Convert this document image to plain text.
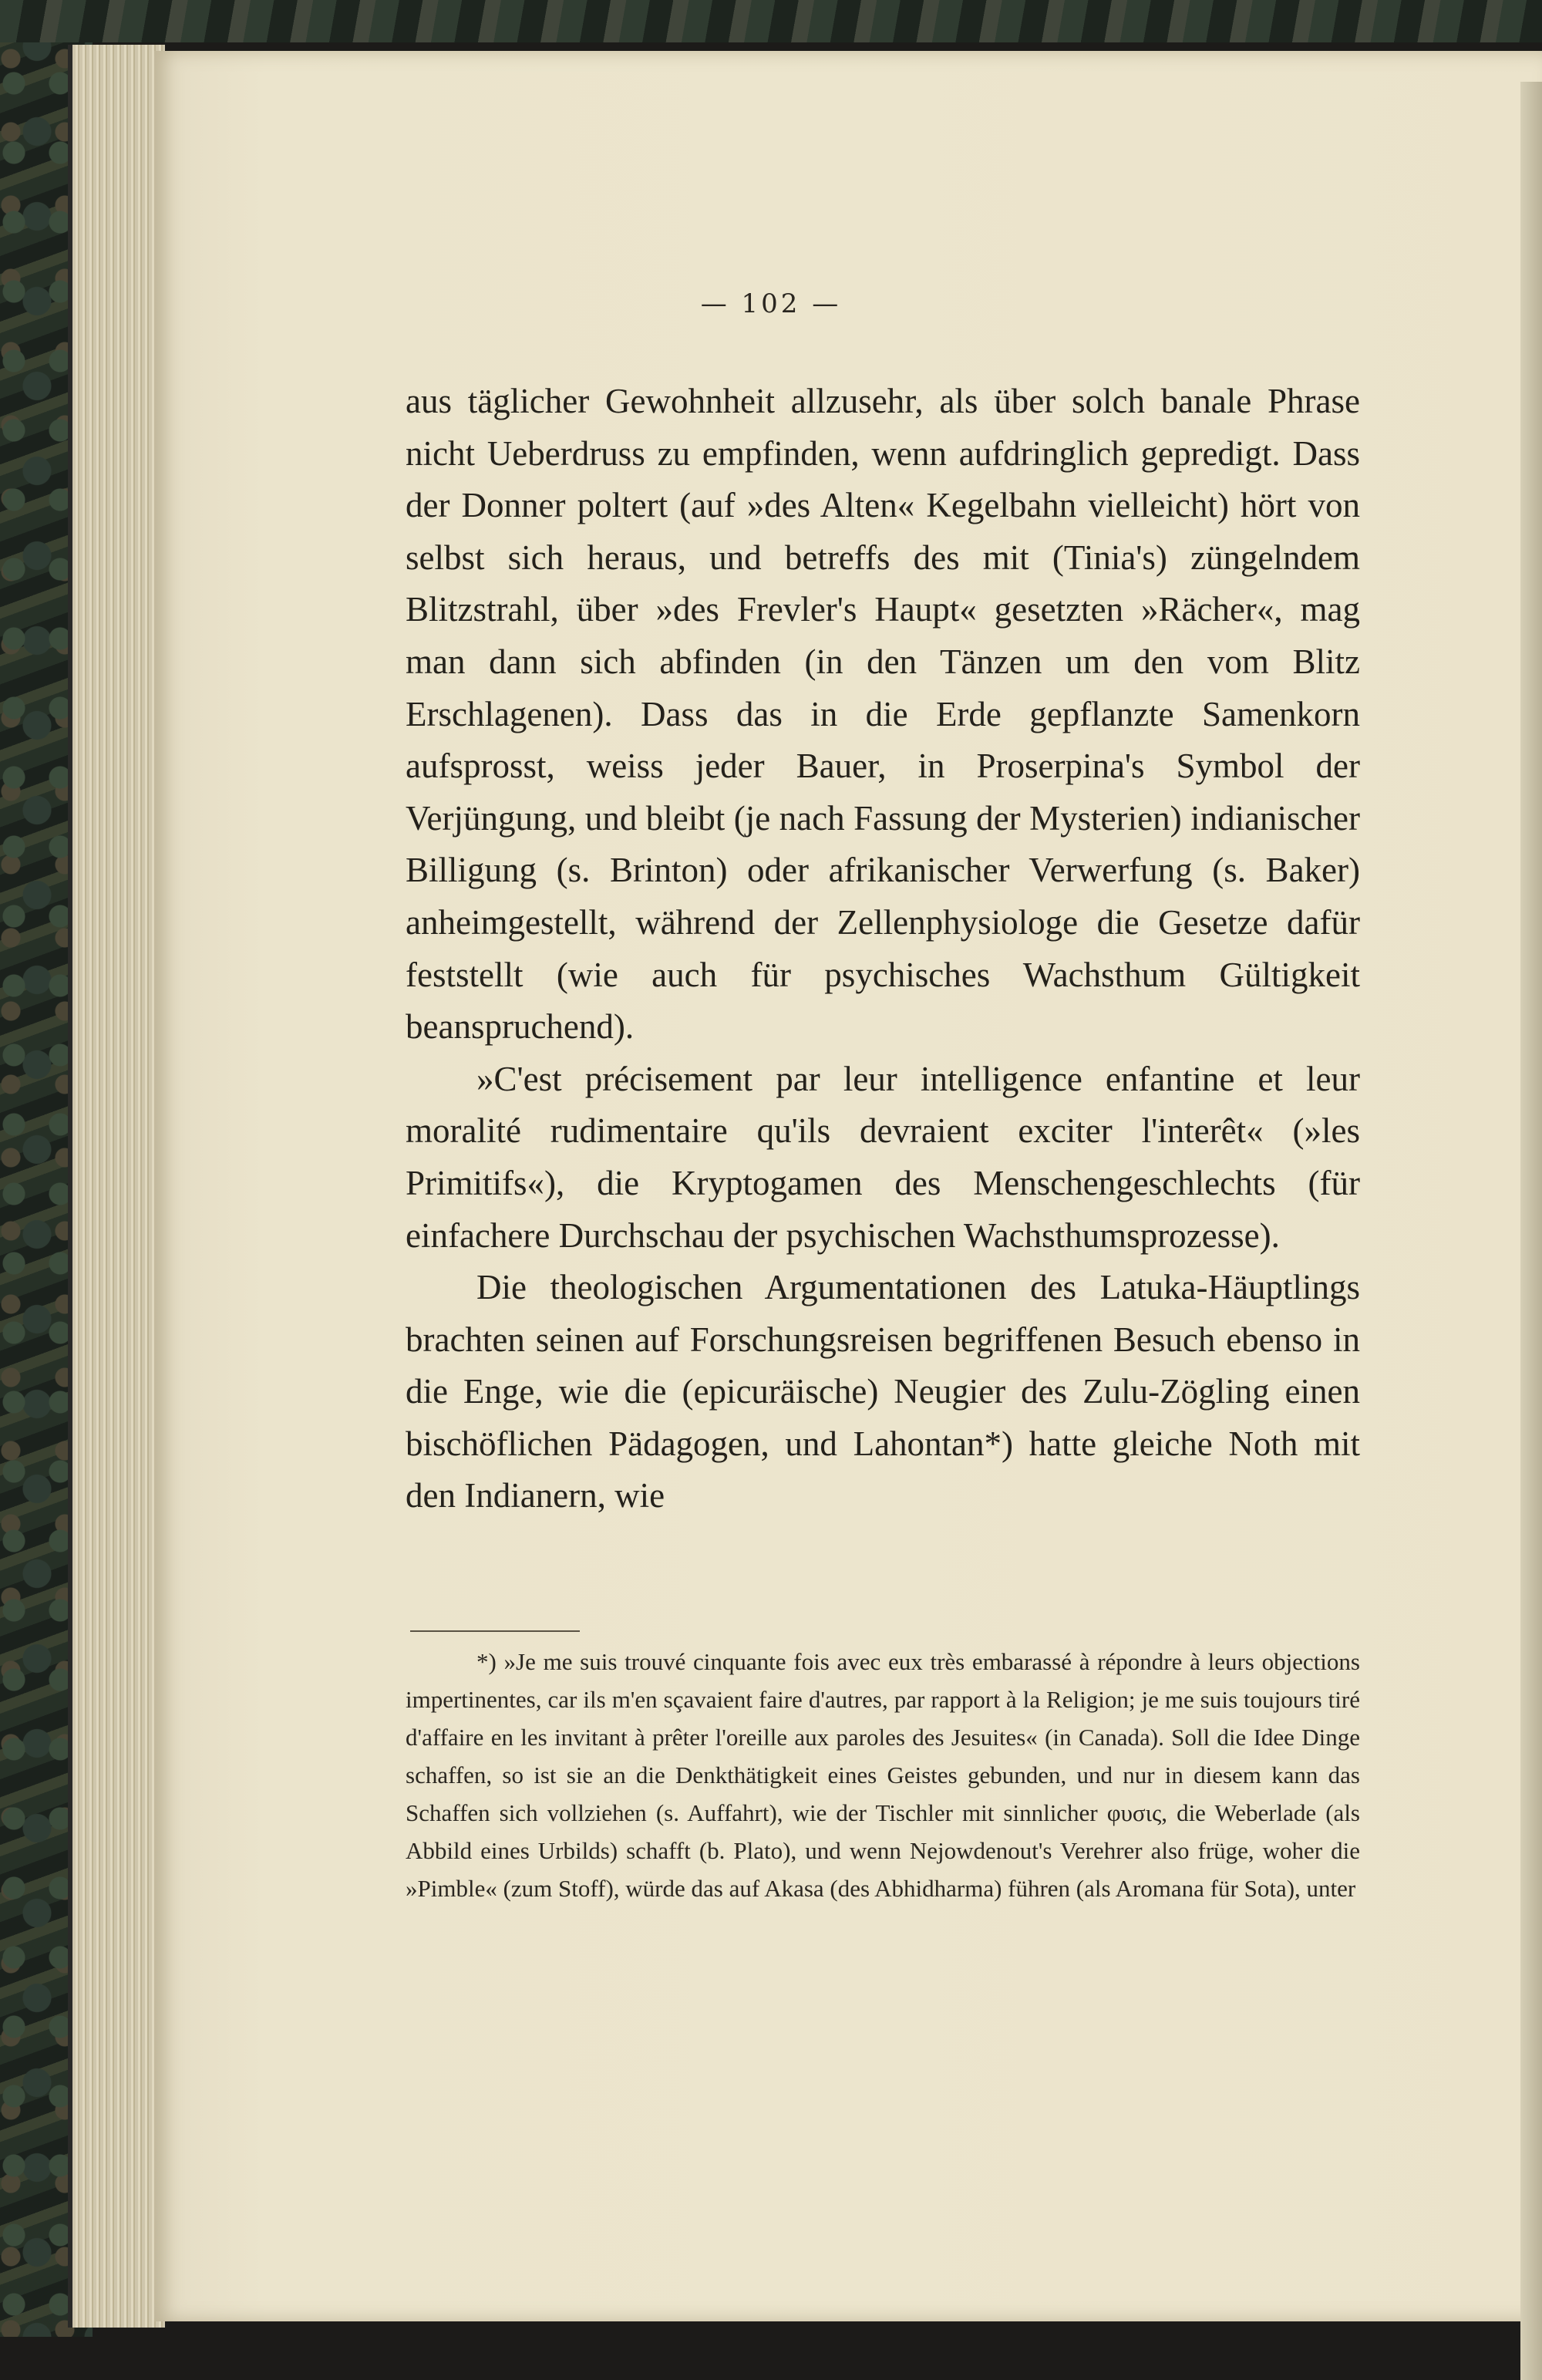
— 102 —

aus täglicher Gewohnheit allzusehr, als über solch banale Phrase nicht Ueberdruss zu empfinden, wenn aufdringlich gepredigt. Dass der Donner poltert (auf »des Alten« Kegelbahn vielleicht) hört von selbst sich heraus, und betreffs des mit (Tinia's) züngelndem Blitzstrahl, über »des Frevler's Haupt« gesetzten »Rächer«, mag man dann sich abfinden (in den Tänzen um den vom Blitz Erschlagenen). Dass das in die Erde gepflanzte Samenkorn aufsprosst, weiss jeder Bauer, in Proserpina's Symbol der Verjüngung, und bleibt (je nach Fassung der Mysterien) indianischer Billigung (s. Brinton) oder afrikanischer Verwerfung (s. Baker) anheimgestellt, während der Zellenphysiologe die Gesetze dafür feststellt (wie auch für psychisches Wachsthum Gültigkeit beanspruchend).

»C'est précisement par leur intelligence enfantine et leur moralité rudimentaire qu'ils devraient exciter l'interêt« (»les Primitifs«), die Kryptogamen des Menschengeschlechts (für einfachere Durchschau der psychischen Wachsthumsprozesse).

Die theologischen Argumentationen des Latuka-Häuptlings brachten seinen auf Forschungsreisen begriffenen Besuch ebenso in die Enge, wie die (epicuräische) Neugier des Zulu-Zögling einen bischöflichen Pädagogen, und Lahontan*) hatte gleiche Noth mit den Indianern, wie

*) »Je me suis trouvé cinquante fois avec eux très embarassé à répondre à leurs objections impertinentes, car ils m'en sçavaient faire d'autres, par rapport à la Religion; je me suis toujours tiré d'affaire en les invitant à prêter l'oreille aux paroles des Jesuites« (in Canada). Soll die Idee Dinge schaffen, so ist sie an die Denkthätigkeit eines Geistes gebunden, und nur in diesem kann das Schaffen sich vollziehen (s. Auffahrt), wie der Tischler mit sinnlicher φυσις, die Weberlade (als Abbild eines Urbilds) schafft (b. Plato), und wenn Nejowdenout's Verehrer also früge, woher die »Pimble« (zum Stoff), würde das auf Akasa (des Abhidharma) führen (als Aromana für Sota), unter
